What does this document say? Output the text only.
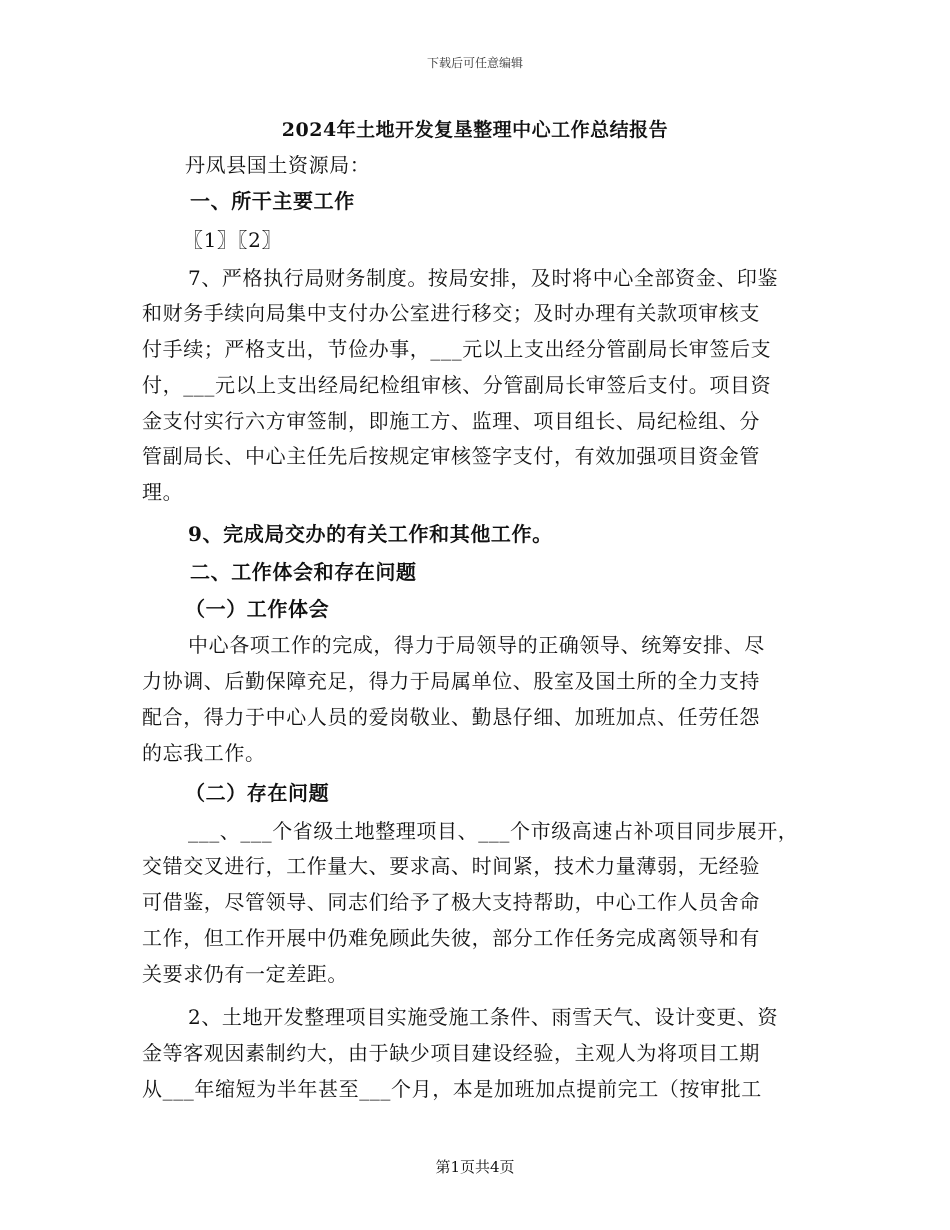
下载后可任意编辑
2024年土地开发复垦整理中心工作总结报告
丹凤县国土资源局：
一、所干主要工作
〖1〗〖2〗
7、严格执行局财务制度。按局安排，及时将中心全部资金、印鉴
和财务手续向局集中支付办公室进行移交；及时办理有关款项审核支
付手续；严格支出，节俭办事，___元以上支出经分管副局长审签后支
付，___元以上支出经局纪检组审核、分管副局长审签后支付。项目资
金支付实行六方审签制，即施工方、监理、项目组长、局纪检组、分
管副局长、中心主任先后按规定审核签字支付，有效加强项目资金管
理。
9、完成局交办的有关工作和其他工作。
二、工作体会和存在问题
（一）工作体会
中心各项工作的完成，得力于局领导的正确领导、统筹安排、尽
力协调、后勤保障充足，得力于局属单位、股室及国土所的全力支持
配合，得力于中心人员的爱岗敬业、勤恳仔细、加班加点、任劳任怨
的忘我工作。
（二）存在问题
___、___个省级土地整理项目、___个市级高速占补项目同步展开，
交错交叉进行，工作量大、要求高、时间紧，技术力量薄弱，无经验
可借鉴，尽管领导、同志们给予了极大支持帮助，中心工作人员舍命
工作，但工作开展中仍难免顾此失彼，部分工作任务完成离领导和有
关要求仍有一定差距。
2、土地开发整理项目实施受施工条件、雨雪天气、设计变更、资
金等客观因素制约大，由于缺少项目建设经验，主观人为将项目工期
从___年缩短为半年甚至___个月，本是加班加点提前完工（按审批工
第1页共4页
